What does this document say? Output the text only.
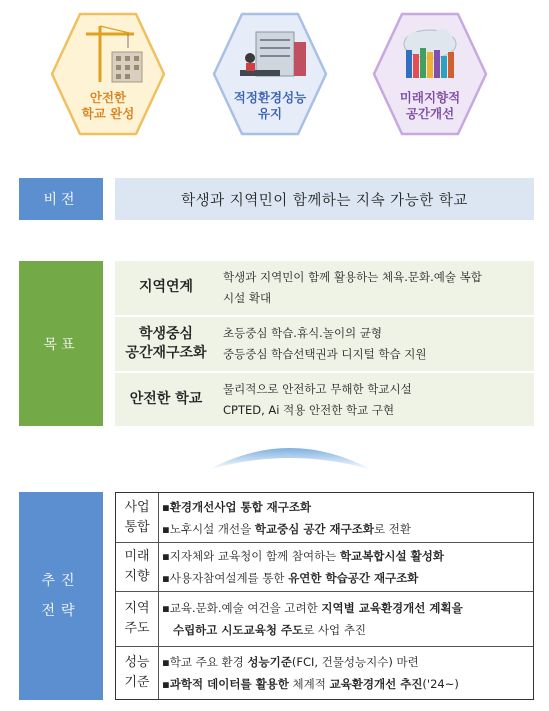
안전한
학교 완성
적정환경성능
유지
미래지향적
공간개선
비전	학생과 지역민이 함께하는 지속 가능한 학교
목표
지역연계
학생과 지역민이 함께 활용하는 체육.문화.예술 복합
시설 확대
학생중심
공간재구조화
초등중심 학습.휴식.놀이의 균형
중등중심 학습선택권과 디지털 학습 지원
안전한 학교
물리적으로 안전하고 무해한 학교시설
CPTED, Ai 적용 안전한 학교 구현
추진
전략
사업
통합
▪환경개선사업 통합 재구조화
▪노후시설 개선을 학교중심 공간 재구조화로 전환
미래
지향
▪지자체와 교육청이 함께 참여하는 학교복합시설 활성화
▪사용자참여설계를 통한 유연한 학습공간 재구조화
지역
주도
▪교육.문화.예술 여건을 고려한 지역별 교육환경개선 계획을
수립하고 시도교육청 주도로 사업 추진
성능
기준
▪학교 주요 환경 성능기준(FCI, 건물성능지수) 마련
▪과학적 데이터를 활용한 체계적 교육환경개선 추진('24~)
